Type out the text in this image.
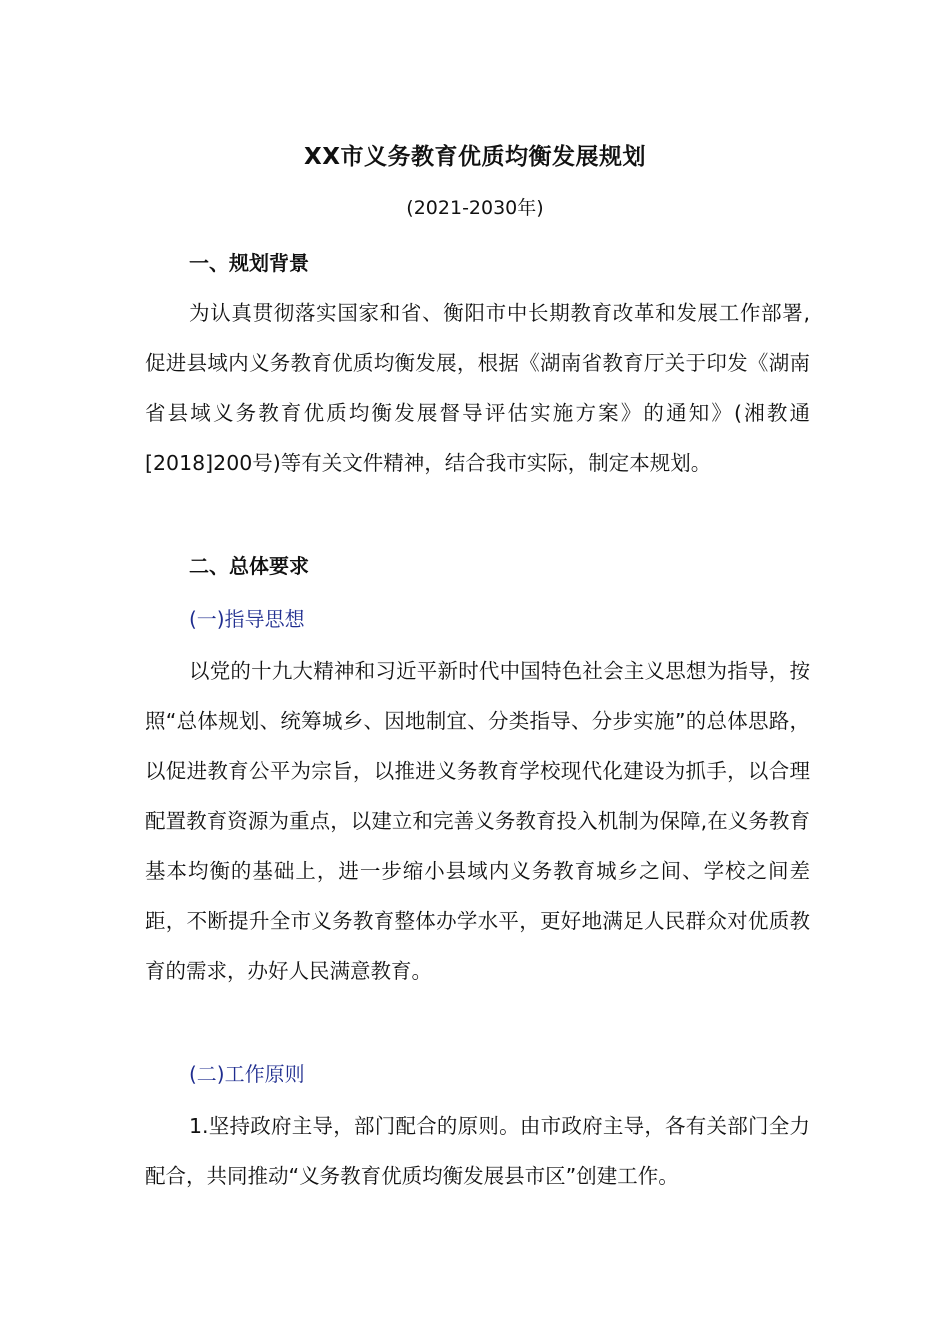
XX市义务教育优质均衡发展规划
(2021-2030年)
一、规划背景
为认真贯彻落实国家和省、衡阳市中长期教育改革和发展工作部署,促进县域内义务教育优质均衡发展，根据《湖南省教育厅关于印发《湖南省县域义务教育优质均衡发展督导评估实施方案》的通知》(湘教通[2018]200号)等有关文件精神，结合我市实际，制定本规划。
二、总体要求
(一)指导思想
以党的十九大精神和习近平新时代中国特色社会主义思想为指导，按照“总体规划、统筹城乡、因地制宜、分类指导、分步实施”的总体思路，以促进教育公平为宗旨，以推进义务教育学校现代化建设为抓手，以合理配置教育资源为重点，以建立和完善义务教育投入机制为保障,在义务教育基本均衡的基础上，进一步缩小县域内义务教育城乡之间、学校之间差距，不断提升全市义务教育整体办学水平，更好地满足人民群众对优质教育的需求，办好人民满意教育。
(二)工作原则
1.坚持政府主导，部门配合的原则。由市政府主导，各有关部门全力配合，共同推动“义务教育优质均衡发展县市区”创建工作。
